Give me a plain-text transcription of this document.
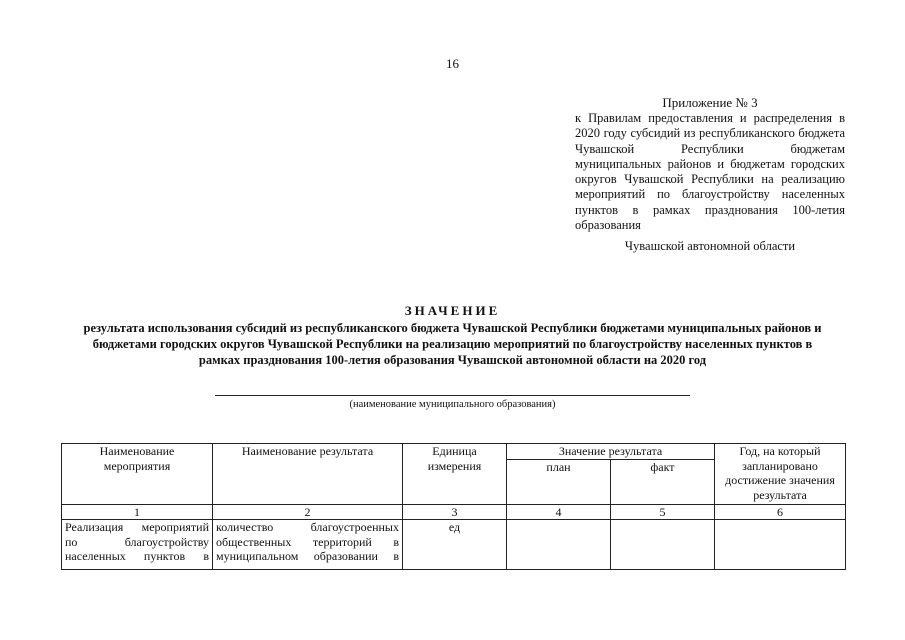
16
Приложение № 3
к Правилам предоставления и распределения в 2020 году субсидий из республиканского бюджета Чувашской Республики бюджетам муниципальных районов и бюджетам городских округов Чувашской Республики на реализацию мероприятий по благоустройству населенных пунктов в рамках празднования 100-летия образования
Чувашской автономной области
ЗНАЧЕНИЕ
результата использования субсидий из республиканского бюджета Чувашской Республики бюджетами муниципальных районов и бюджетами городских округов Чувашской Республики на реализацию мероприятий по благоустройству населенных пунктов в рамках празднования 100-летия образования Чувашской автономной области на 2020 год
(наименование муниципального образования)
Наименование мероприятия	Наименование результата	Единица измерения	Значение результата		Год, на который запланировано достижение значения результата
			план	факт	
1	2	3	4	5	6
Реализация мероприятий по благоустройству населенных пунктов в	количество благоустроенных общественных территорий в муниципальном образовании в	ед			
